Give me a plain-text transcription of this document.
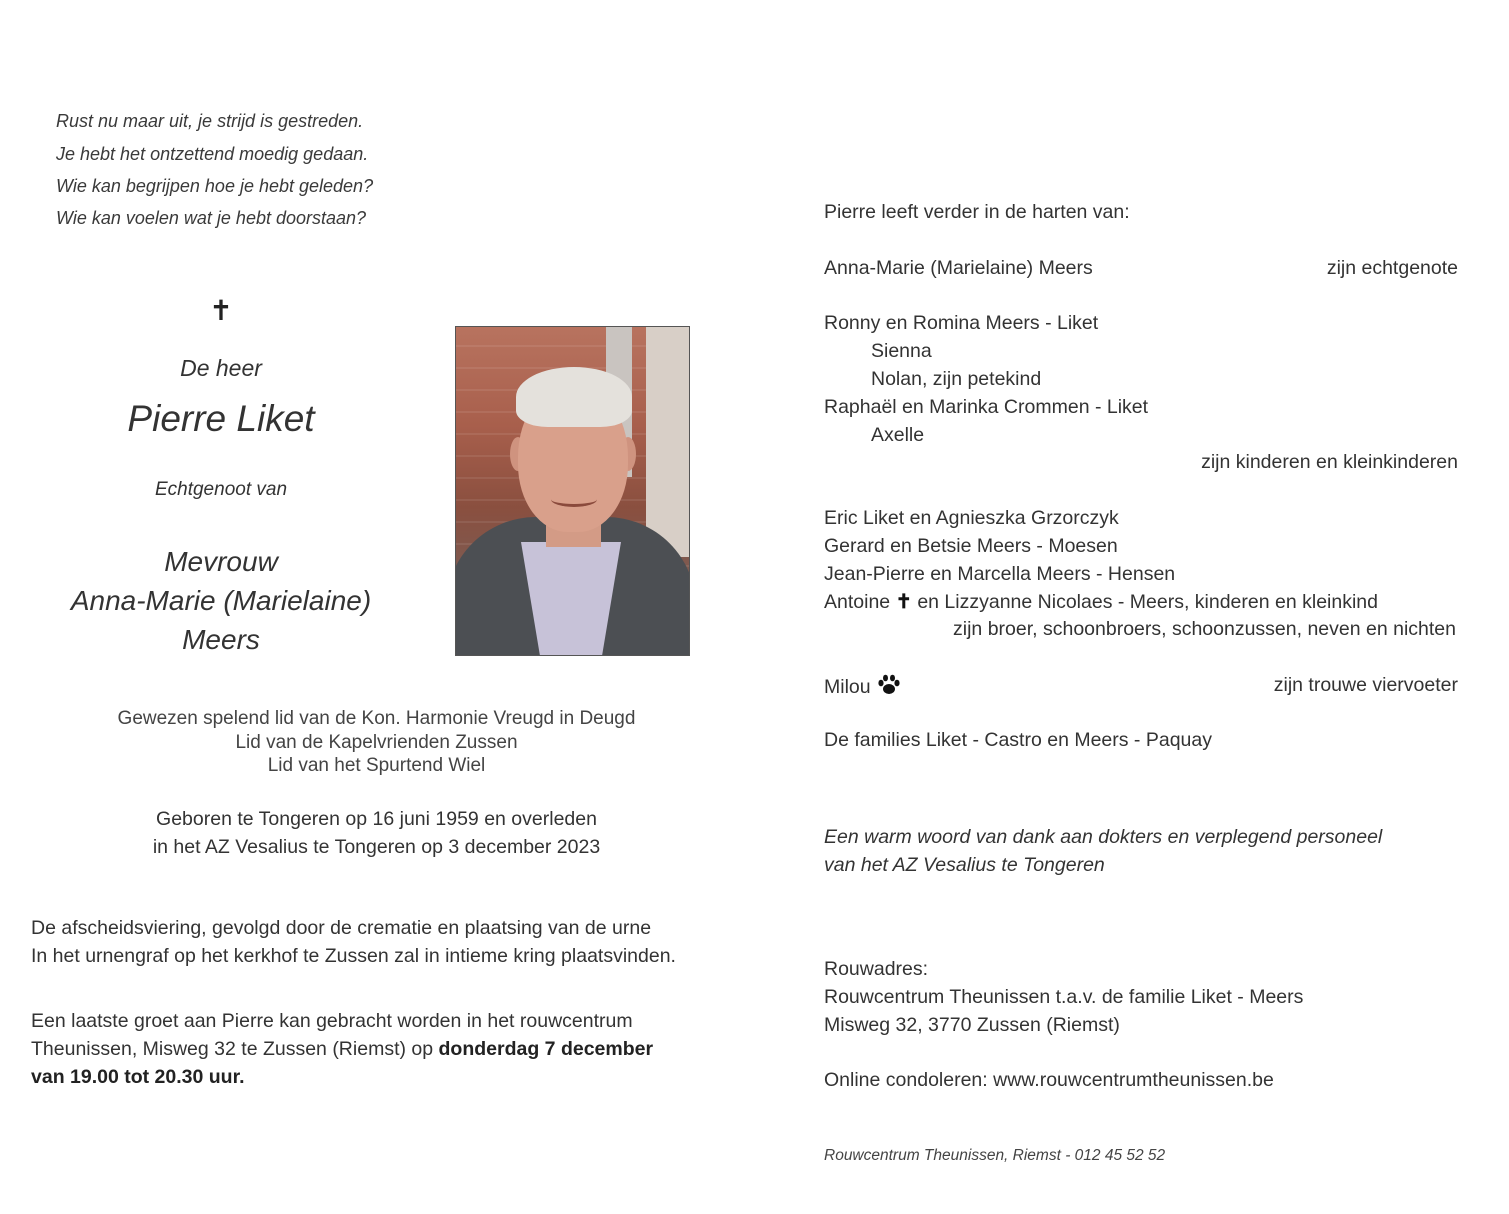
Rust nu maar uit, je strijd is gestreden.
Je hebt het ontzettend moedig gedaan.
Wie kan begrijpen hoe je hebt geleden?
Wie kan voelen wat je hebt doorstaan?
✝
De heer
Pierre Liket
Echtgenoot van
Mevrouw
Anna-Marie (Marielaine)
Meers
Gewezen spelend lid van de Kon. Harmonie Vreugd in Deugd
Lid van de Kapelvrienden Zussen
Lid van het Spurtend Wiel
Geboren te Tongeren op 16 juni 1959 en overleden
in het AZ Vesalius te Tongeren op 3 december 2023
De afscheidsviering, gevolgd door de crematie en plaatsing van de urne
In het urnengraf op het kerkhof te Zussen zal in intieme kring plaatsvinden.
Een laatste groet aan Pierre kan gebracht worden in het rouwcentrum
Theunissen, Misweg 32 te Zussen (Riemst) op donderdag 7 december
van 19.00 tot 20.30 uur.
Pierre leeft verder in de harten van:
Anna-Marie (Marielaine) Meers	zijn echtgenote
Ronny en Romina Meers - Liket
Sienna
Nolan, zijn petekind
Raphaël en Marinka Crommen - Liket
Axelle
zijn kinderen en kleinkinderen
Eric Liket en Agnieszka Grzorczyk
Gerard en Betsie Meers - Moesen
Jean-Pierre en Marcella Meers - Hensen
Antoine ✝ en Lizzyanne Nicolaes - Meers, kinderen en kleinkind
zijn broer, schoonbroers, schoonzussen, neven en nichten
Milou	zijn trouwe viervoeter
De families Liket - Castro en Meers - Paquay
Een warm woord van dank aan dokters en verplegend personeel
van het AZ Vesalius te Tongeren
Rouwadres:
Rouwcentrum Theunissen t.a.v. de familie Liket - Meers
Misweg 32, 3770 Zussen (Riemst)
Online condoleren: www.rouwcentrumtheunissen.be
Rouwcentrum Theunissen, Riemst - 012 45 52 52
